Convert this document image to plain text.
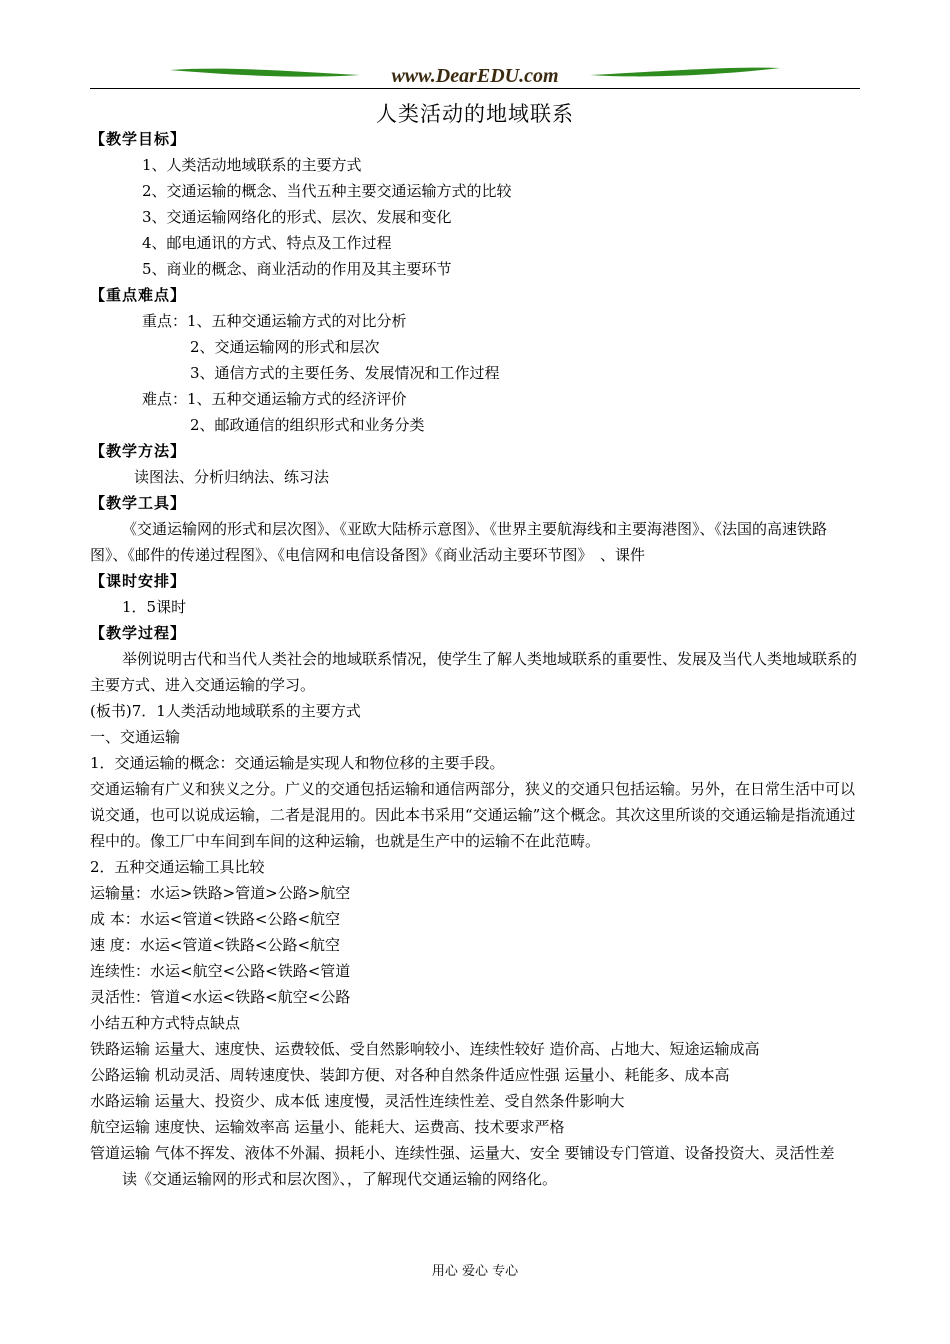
www.DearEDU.com
人类活动的地域联系
【教学目标】
1、人类活动地域联系的主要方式
2、交通运输的概念、当代五种主要交通运输方式的比较
3、交通运输网络化的形式、层次、发展和变化
4、邮电通讯的方式、特点及工作过程
5、商业的概念、商业活动的作用及其主要环节
【重点难点】
重点：1、五种交通运输方式的对比分析
2、交通运输网的形式和层次
3、通信方式的主要任务、发展情况和工作过程
难点：1、五种交通运输方式的经济评价
2、邮政通信的组织形式和业务分类
【教学方法】
读图法、分析归纳法、练习法
【教学工具】
《交通运输网的形式和层次图》、《亚欧大陆桥示意图》、《世界主要航海线和主要海港图》、《法国的高速铁路图》、《邮件的传递过程图》、《电信网和电信设备图》《商业活动主要环节图》　、课件
【课时安排】
1．5课时
【教学过程】
举例说明古代和当代人类社会的地域联系情况，使学生了解人类地域联系的重要性、发展及当代人类地域联系的主要方式、进入交通运输的学习。
(板书)7．1人类活动地域联系的主要方式
一、交通运输
1．交通运输的概念：交通运输是实现人和物位移的主要手段。
交通运输有广义和狭义之分。广义的交通包括运输和通信两部分，狭义的交通只包括运输。另外，在日常生活中可以说交通，也可以说成运输，二者是混用的。因此本书采用“交通运输”这个概念。其次这里所谈的交通运输是指流通过程中的。像工厂中车间到车间的这种运输，也就是生产中的运输不在此范畴。
2．五种交通运输工具比较
运输量：水运>铁路>管道>公路>航空
成 本：水运<管道<铁路<公路<航空
速 度：水运<管道<铁路<公路<航空
连续性：水运<航空<公路<铁路<管道
灵活性：管道<水运<铁路<航空<公路
小结五种方式特点缺点
铁路运输 运量大、速度快、运费较低、受自然影响较小、连续性较好 造价高、占地大、短途运输成高
公路运输 机动灵活、周转速度快、装卸方便、对各种自然条件适应性强 运量小、耗能多、成本高
水路运输 运量大、投资少、成本低 速度慢，灵活性连续性差、受自然条件影响大
航空运输 速度快、运输效率高 运量小、能耗大、运费高、技术要求严格
管道运输 气体不挥发、液体不外漏、损耗小、连续性强、运量大、安全 要铺设专门管道、设备投资大、灵活性差
读《交通运输网的形式和层次图》、，了解现代交通运输的网络化。
用心 爱心 专心
